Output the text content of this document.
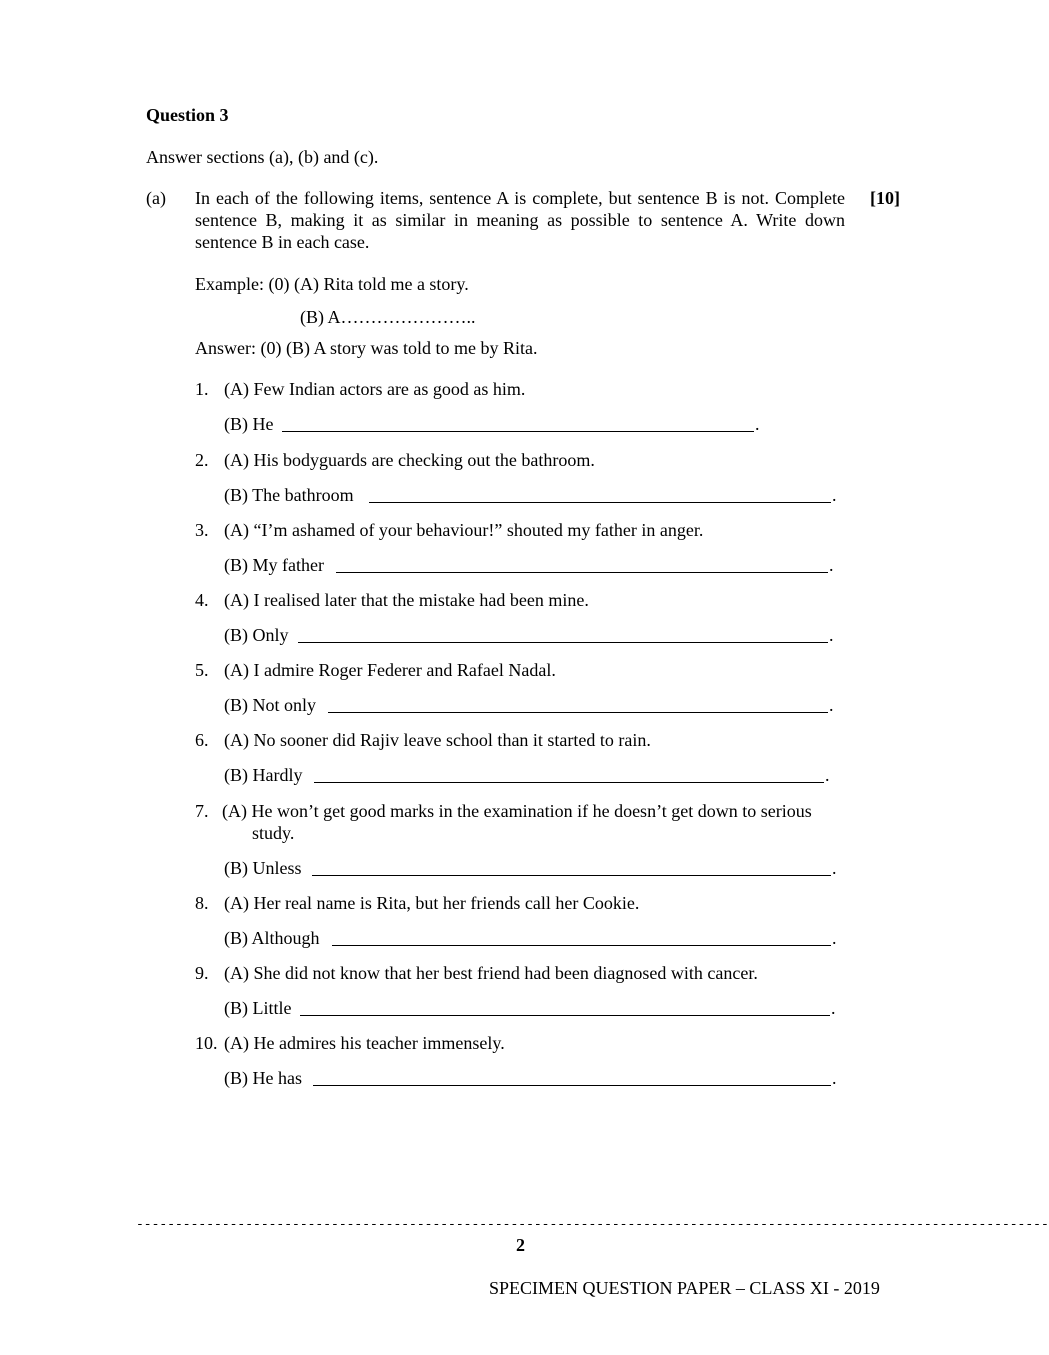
Question 3
Answer sections (a), (b) and (c).
(a) In each of the following items, sentence A is complete, but sentence B is not. Complete sentence B, making it as similar in meaning as possible to sentence A. Write down sentence B in each case.
[10]
Example: (0) (A) Rita told me a story.
(B) A…………………..
Answer: (0) (B) A story was told to me by Rita.
1. (A) Few Indian actors are as good as him.
(B) He	.
2. (A) His bodyguards are checking out the bathroom.
(B) The bathroom	.
3. (A) “I’m ashamed of your behaviour!” shouted my father in anger.
(B) My father	.
4. (A) I realised later that the mistake had been mine.
(B) Only	.
5. (A) I admire Roger Federer and Rafael Nadal.
(B) Not only	.
6. (A) No sooner did Rajiv leave school than it started to rain.
(B) Hardly	.
7. (A) He won’t get good marks in the examination if he doesn’t get down to serious
study.
(B) Unless	.
8. (A) Her real name is Rita, but her friends call her Cookie.
(B) Although	.
9. (A) She did not know that her best friend had been diagnosed with cancer.
(B) Little	.
10. (A) He admires his teacher immensely.
(B) He has	.
---------------------------------------------------------------------------------------------------------------------
2
SPECIMEN QUESTION PAPER – CLASS XI - 2019
